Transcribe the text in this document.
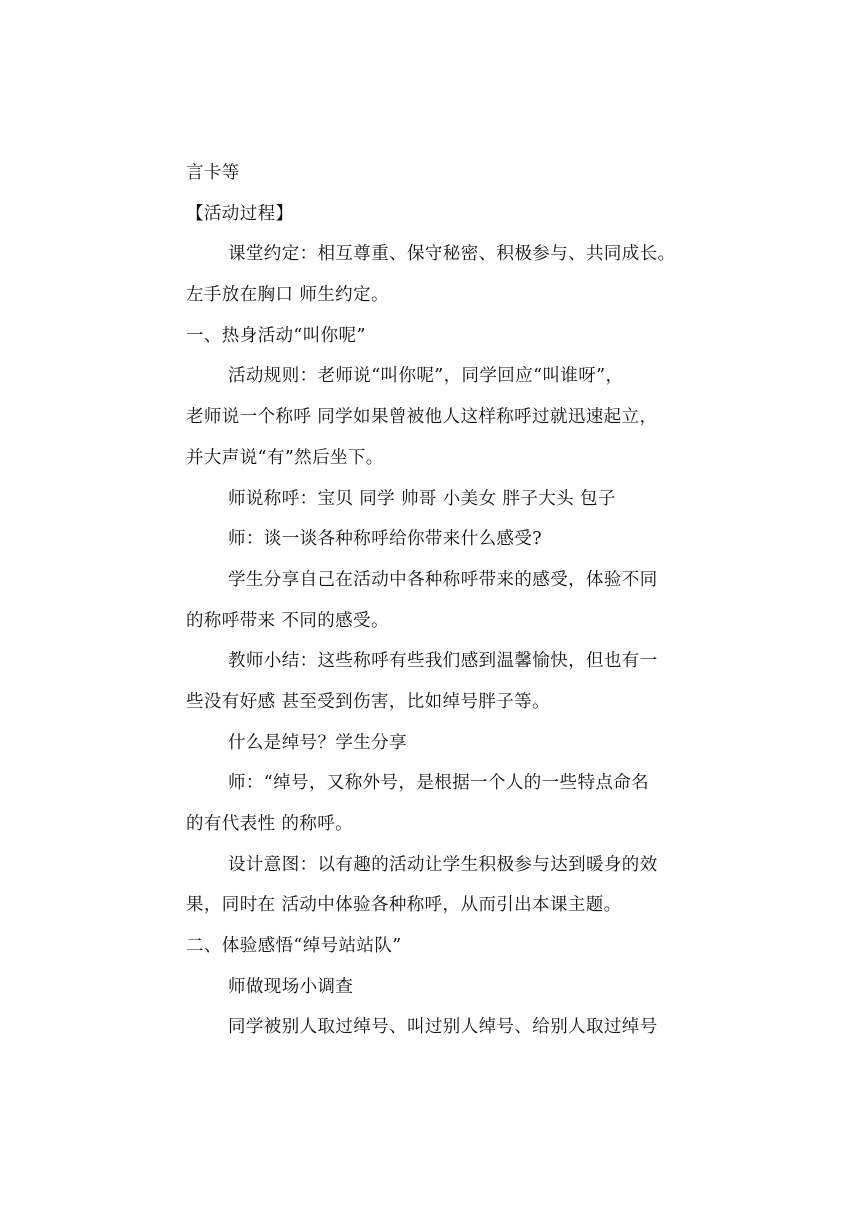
言卡等
【活动过程】
课堂约定：相互尊重、保守秘密、积极参与、共同成长。
左手放在胸口 师生约定。
一、热身活动“叫你呢”
活动规则：老师说“叫你呢”，同学回应“叫谁呀”，
老师说一个称呼 同学如果曾被他人这样称呼过就迅速起立，
并大声说“有”然后坐下。
师说称呼：宝贝 同学 帅哥 小美女 胖子大头 包子
师：谈一谈各种称呼给你带来什么感受?
学生分享自己在活动中各种称呼带来的感受，体验不同
的称呼带来 不同的感受。
教师小结：这些称呼有些我们感到温馨愉快，但也有一
些没有好感 甚至受到伤害，比如绰号胖子等。
什么是绰号？学生分享
师：“绰号，又称外号，是根据一个人的一些特点命名
的有代表性 的称呼。
设计意图：以有趣的活动让学生积极参与达到暖身的效
果，同时在 活动中体验各种称呼，从而引出本课主题。
二、体验感悟“绰号站站队”
师做现场小调查
同学被别人取过绰号、叫过别人绰号、给别人取过绰号
